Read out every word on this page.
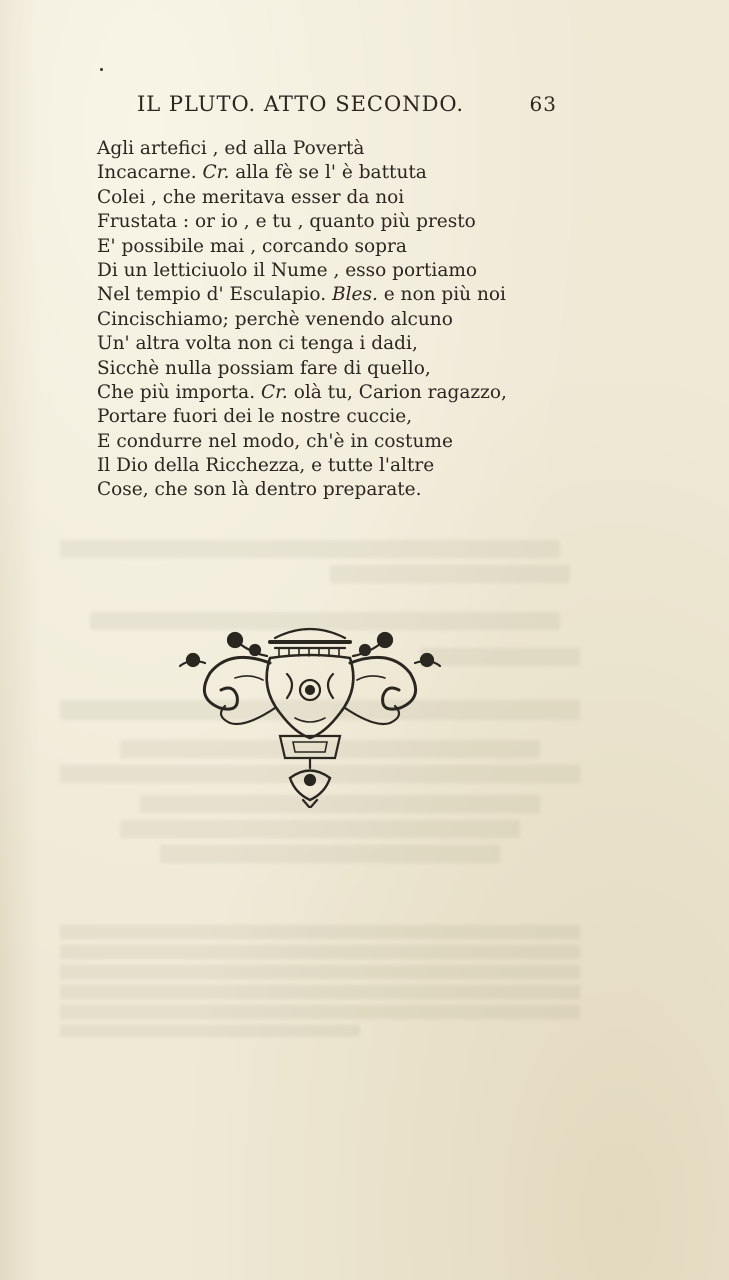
IL PLUTO. ATTO SECONDO.	63
Agli artefici , ed alla Povertà
Incacarne. Cr. alla fè se l' è battuta
Colei , che meritava esser da noi
Frustata : or io , e tu , quanto più presto
E' possibile mai , corcando sopra
Di un letticiuolo il Nume , esso portiamo
Nel tempio d' Esculapio. Bles. e non più noi
Cincischiamo; perchè venendo alcuno
Un' altra volta non ci tenga i dadi,
Sicchè nulla possiam fare di quello,
Che più importa. Cr. olà tu, Carion ragazzo,
Portare fuori dei le nostre cuccie,
E condurre nel modo, ch'è in costume
Il Dio della Ricchezza, e tutte l'altre
Cose, che son là dentro preparate.
